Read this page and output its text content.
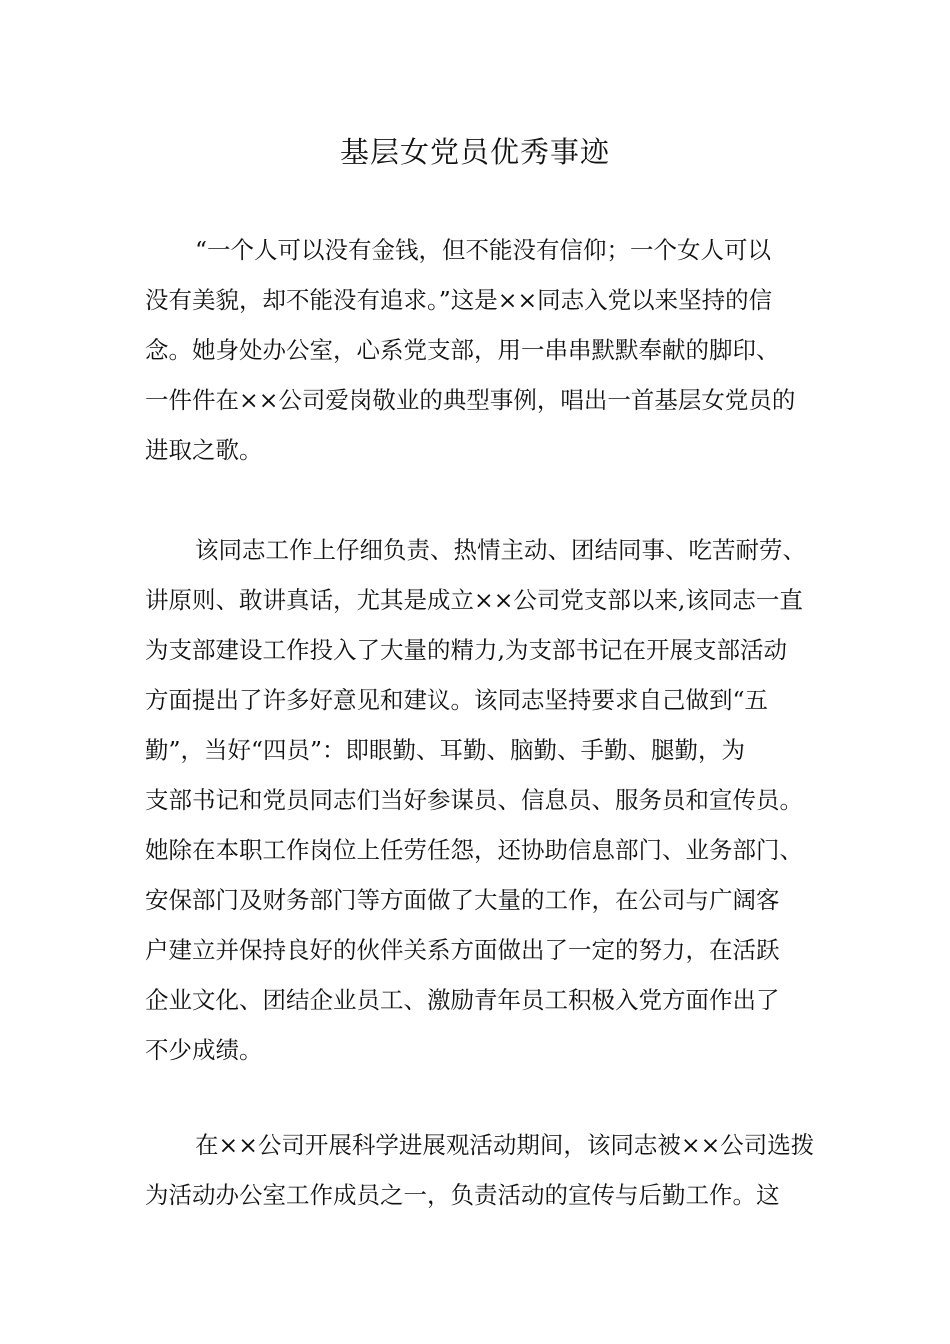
基层女党员优秀事迹
“一个人可以没有金钱，但不能没有信仰；一个女人可以
没有美貌，却不能没有追求。”这是××同志入党以来坚持的信
念。她身处办公室，心系党支部，用一串串默默奉献的脚印、
一件件在××公司爱岗敬业的典型事例，唱出一首基层女党员的
进取之歌。
该同志工作上仔细负责、热情主动、团结同事、吃苦耐劳、
讲原则、敢讲真话，尤其是成立××公司党支部以来,该同志一直
为支部建设工作投入了大量的精力,为支部书记在开展支部活动
方面提出了许多好意见和建议。该同志坚持要求自己做到“五
勤”，当好“四员”：即眼勤、耳勤、脑勤、手勤、腿勤，为
支部书记和党员同志们当好参谋员、信息员、服务员和宣传员。
她除在本职工作岗位上任劳任怨，还协助信息部门、业务部门、
安保部门及财务部门等方面做了大量的工作，在公司与广阔客
户建立并保持良好的伙伴关系方面做出了一定的努力，在活跃
企业文化、团结企业员工、激励青年员工积极入党方面作出了
不少成绩。
在××公司开展科学进展观活动期间，该同志被××公司选拨
为活动办公室工作成员之一，负责活动的宣传与后勤工作。这
